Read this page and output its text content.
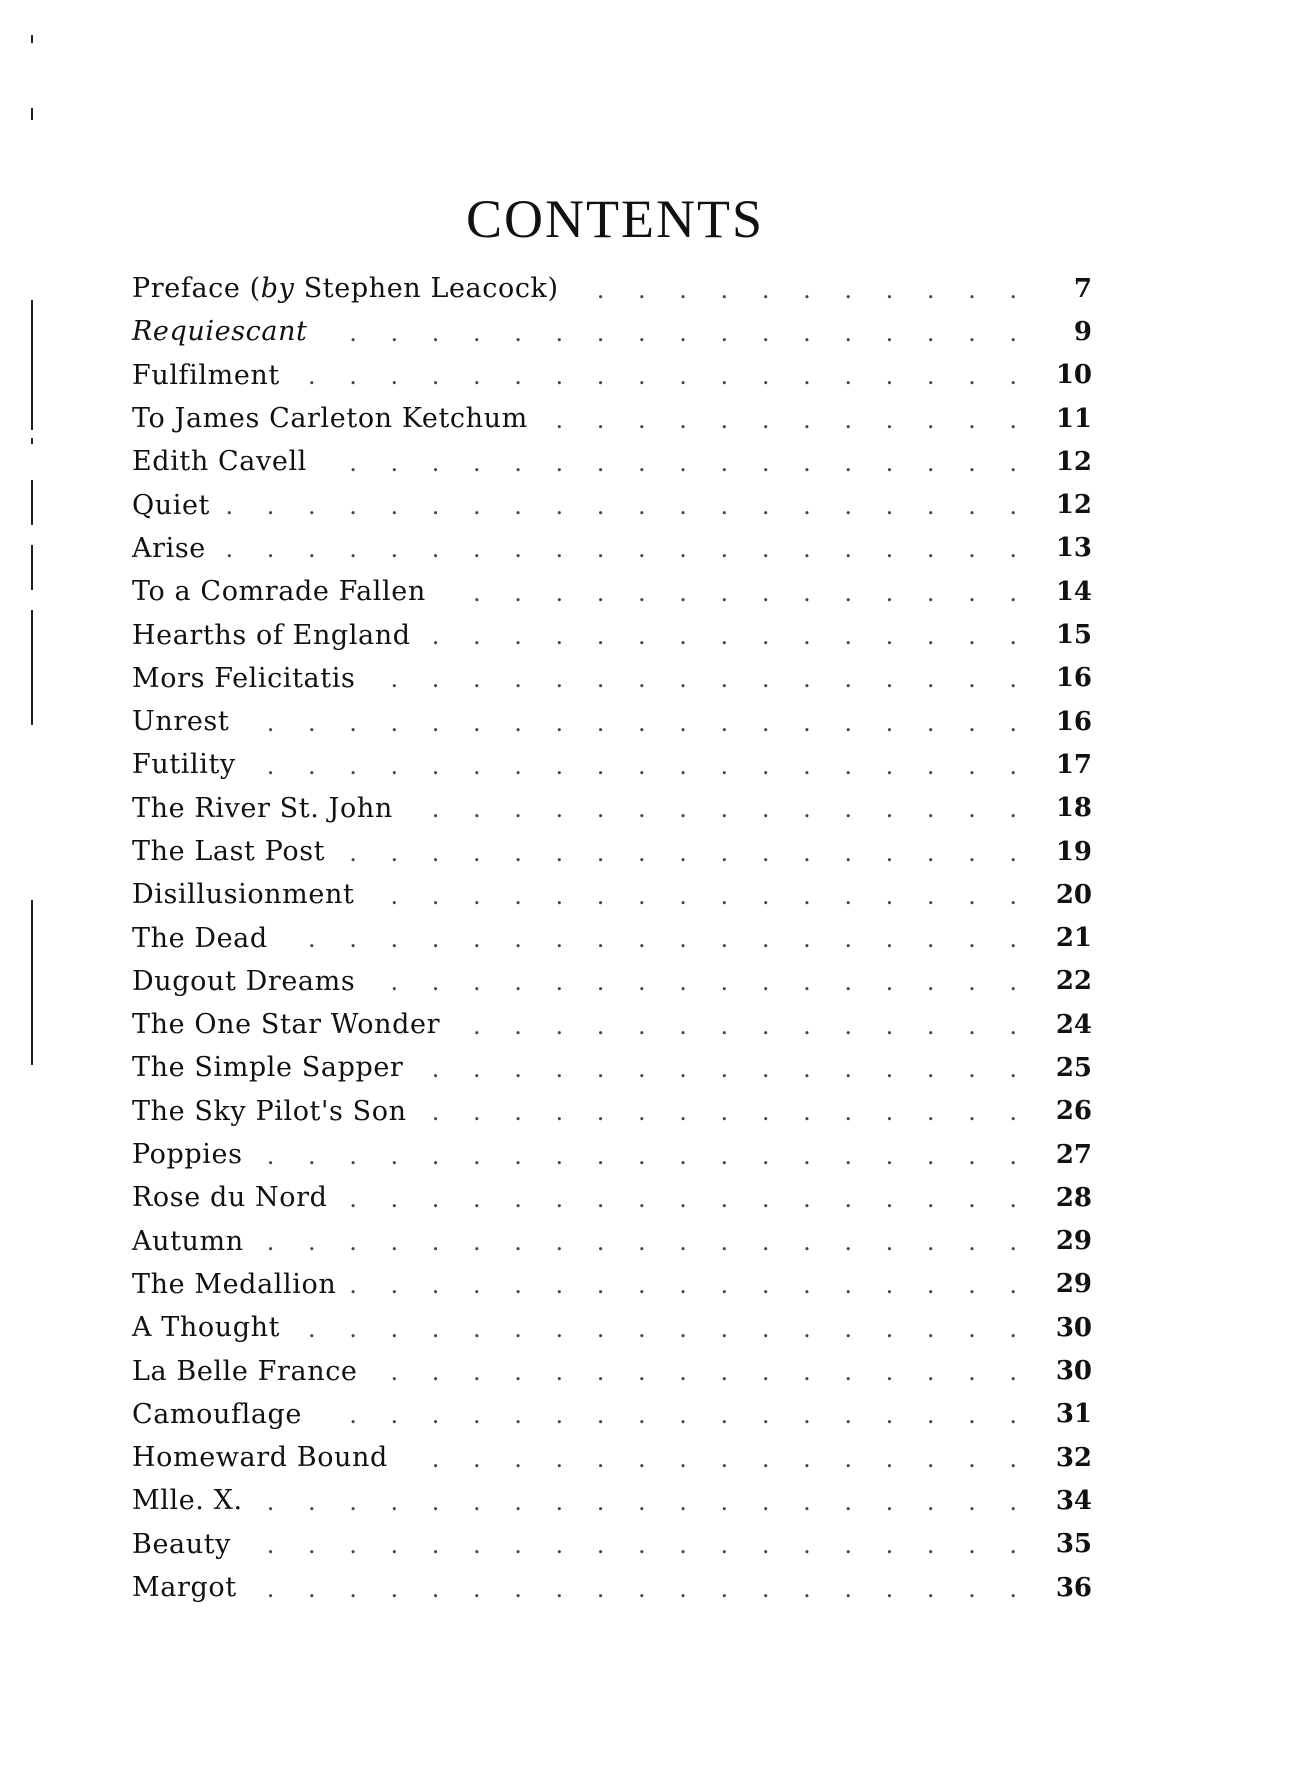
CONTENTS
Preface (by Stephen Leacock) . . .	7
Requiescant . . .	9
Fulfilment . . .	10
To James Carleton Ketchum . . .	11
Edith Cavell . . .	12
Quiet . . .	12
Arise . . .	13
To a Comrade Fallen . . .	14
Hearths of England . . .	15
Mors Felicitatis . . .	16
Unrest . . .	16
Futility . . .	17
The River St. John . . .	18
The Last Post . . .	19
Disillusionment . . .	20
The Dead . . .	21
Dugout Dreams . . .	22
The One Star Wonder . . .	24
The Simple Sapper . . .	25
The Sky Pilot's Son . . .	26
Poppies . . .	27
Rose du Nord . . .	28
Autumn . . .	29
The Medallion . . .	29
A Thought . . .	30
La Belle France . . .	30
Camouflage . . .	31
Homeward Bound . . .	32
Mlle. X. . . .	34
Beauty . . .	35
Margot . . .	36
